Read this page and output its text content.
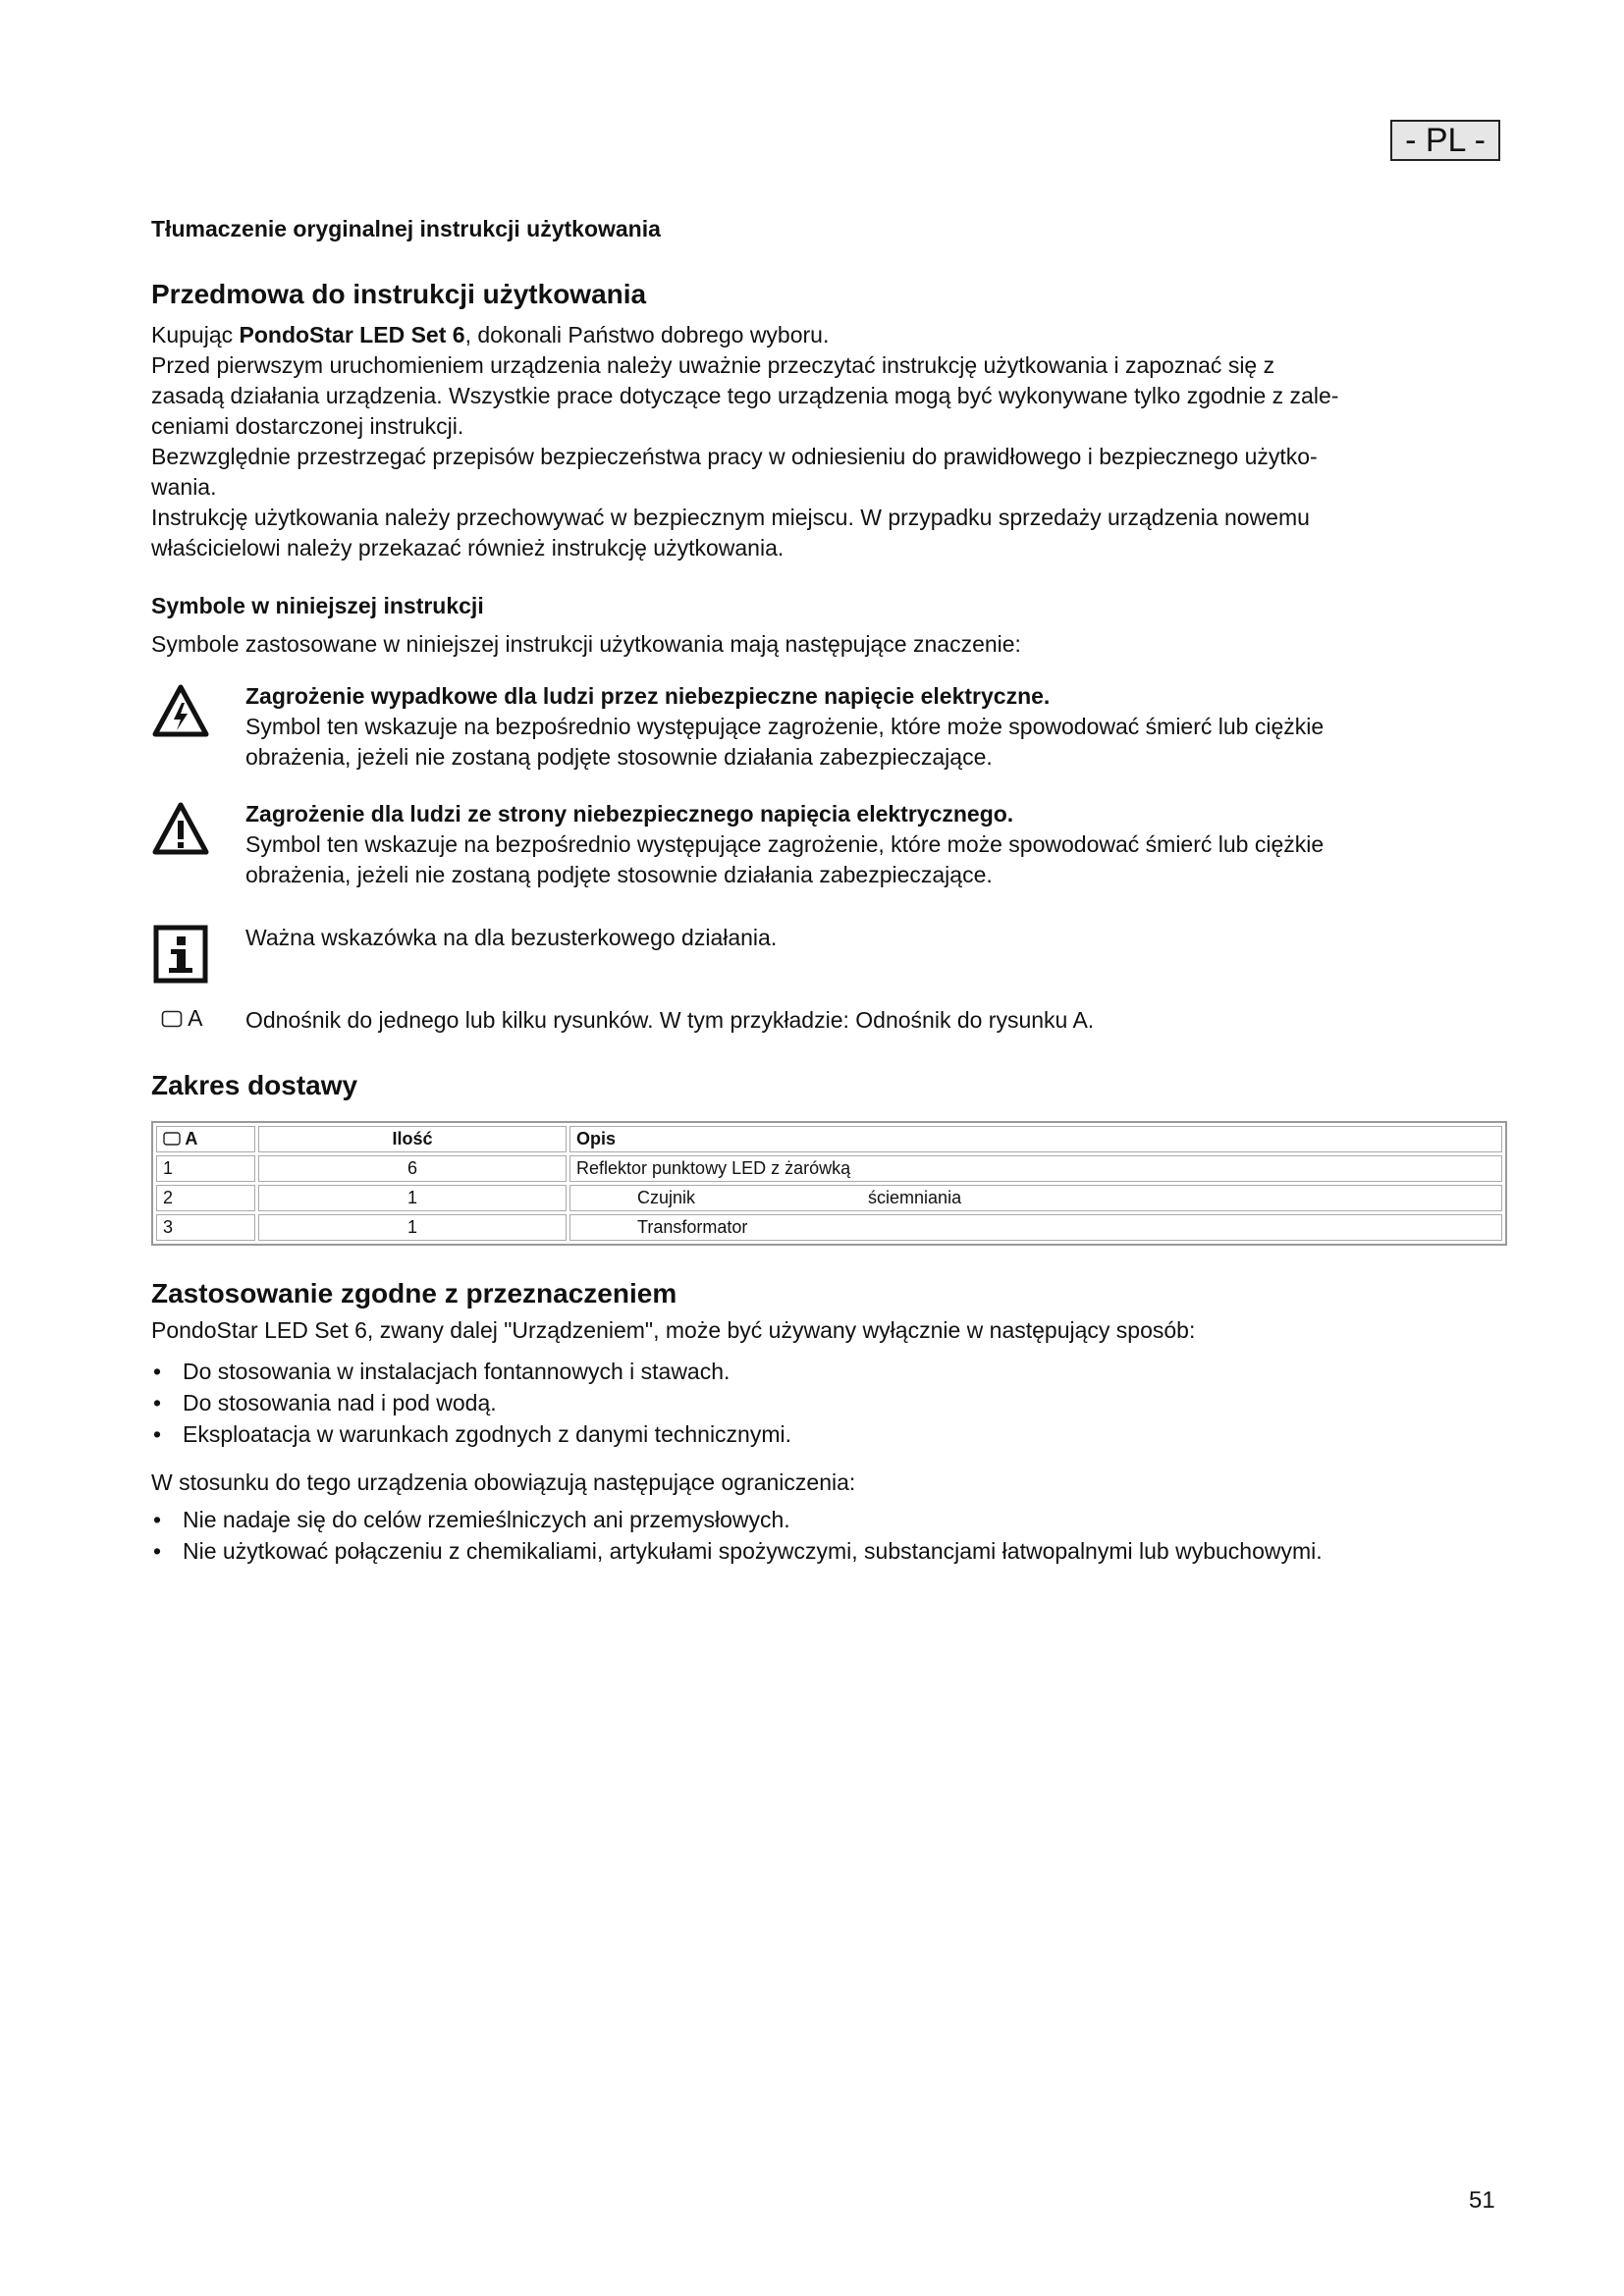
- PL -
Tłumaczenie oryginalnej instrukcji użytkowania
Przedmowa do instrukcji użytkowania

Kupując PondoStar LED Set 6, dokonali Państwo dobrego wyboru.

Przed pierwszym uruchomieniem urządzenia należy uważnie przeczytać instrukcję użytkowania i zapoznać się z
zasadą działania urządzenia. Wszystkie prace dotyczące tego urządzenia mogą być wykonywane tylko zgodnie z zale-
ceniami dostarczonej instrukcji.

Bezwzględnie przestrzegać przepisów bezpieczeństwa pracy w odniesieniu do prawidłowego i bezpiecznego użytko-
wania.

Instrukcję użytkowania należy przechowywać w bezpiecznym miejscu. W przypadku sprzedaży urządzenia nowemu
właścicielowi należy przekazać również instrukcję użytkowania.

Symbole w niniejszej instrukcji

Symbole zastosowane w niniejszej instrukcji użytkowania mają następujące znaczenie:

Zagrożenie wypadkowe dla ludzi przez niebezpieczne napięcie elektryczne.

Symbol ten wskazuje na bezpośrednio występujące zagrożenie, które może spowodować śmierć lub ciężkie
obrażenia, jeżeli nie zostaną podjęte stosownie działania zabezpieczające.

Zagrożenie dla ludzi ze strony niebezpiecznego napięcia elektrycznego.

Symbol ten wskazuje na bezpośrednio występujące zagrożenie, które może spowodować śmierć lub ciężkie
obrażenia, jeżeli nie zostaną podjęte stosownie działania zabezpieczające.

Ważna wskazówka na dla bezusterkowego działania.

A Odnośnik do jednego lub kilku rysunków. W tym przykładzie: Odnośnik do rysunku A.

Zakres dostawy
A	Ilość	Opis
1	6	Reflektor punktowy LED z żarówką
2	1	Czujnik ściemniania
3	1	Transformator
Zastosowanie zgodne z przeznaczeniem

PondoStar LED Set 6, zwany dalej "Urządzeniem", może być używany wyłącznie w następujący sposób:

• Do stosowania w instalacjach fontannowych i stawach.
• Do stosowania nad i pod wodą.
• Eksploatacja w warunkach zgodnych z danymi technicznymi.

W stosunku do tego urządzenia obowiązują następujące ograniczenia:

• Nie nadaje się do celów rzemieślniczych ani przemysłowych.
• Nie użytkować połączeniu z chemikaliami, artykułami spożywczymi, substancjami łatwopalnymi lub wybuchowymi.
51
